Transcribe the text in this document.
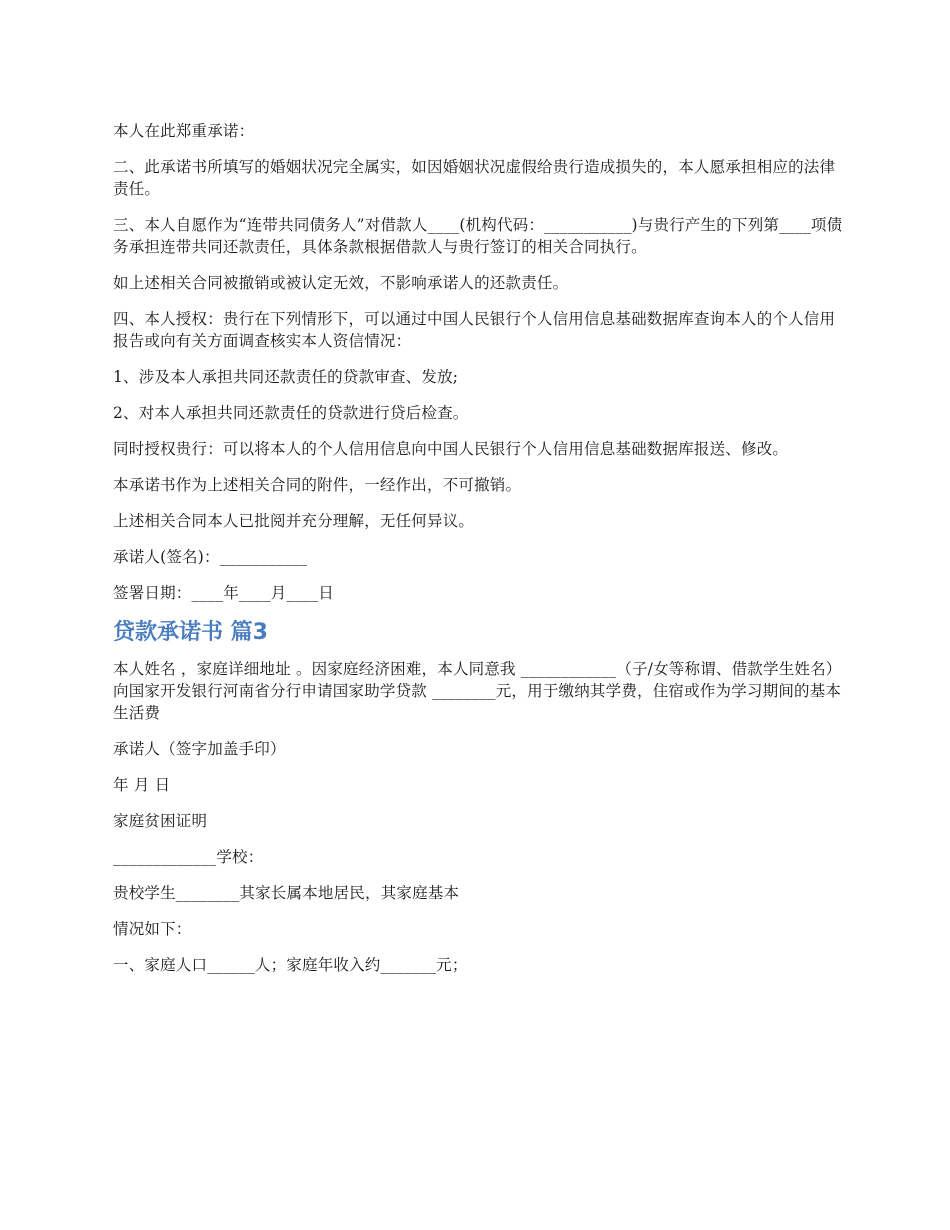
本人在此郑重承诺：

二、此承诺书所填写的婚姻状况完全属实，如因婚姻状况虚假给贵行造成损失的，本人愿承担相应的法律责任。

三、本人自愿作为“连带共同债务人”对借款人____(机构代码：___________)与贵行产生的下列第____项债务承担连带共同还款责任，具体条款根据借款人与贵行签订的相关合同执行。

如上述相关合同被撤销或被认定无效，不影响承诺人的还款责任。

四、本人授权：贵行在下列情形下，可以通过中国人民银行个人信用信息基础数据库查询本人的个人信用报告或向有关方面调查核实本人资信情况：

1、涉及本人承担共同还款责任的贷款审查、发放;

2、对本人承担共同还款责任的贷款进行贷后检查。

同时授权贵行：可以将本人的个人信用信息向中国人民银行个人信用信息基础数据库报送、修改。

本承诺书作为上述相关合同的附件，一经作出，不可撤销。

上述相关合同本人已批阅并充分理解，无任何异议。

承诺人(签名)：___________

签署日期：____年____月____日

贷款承诺书 篇3

本人姓名 ，家庭详细地址 。因家庭经济困难，本人同意我 ____________（子/女等称谓、借款学生姓名）向国家开发银行河南省分行申请国家助学贷款 ________元，用于缴纳其学费，住宿或作为学习期间的基本生活费

承诺人（签字加盖手印）

年 月 日

家庭贫困证明

_____________学校：

贵校学生________其家长属本地居民，其家庭基本

情况如下：

一、家庭人口______人；家庭年收入约_______元；
